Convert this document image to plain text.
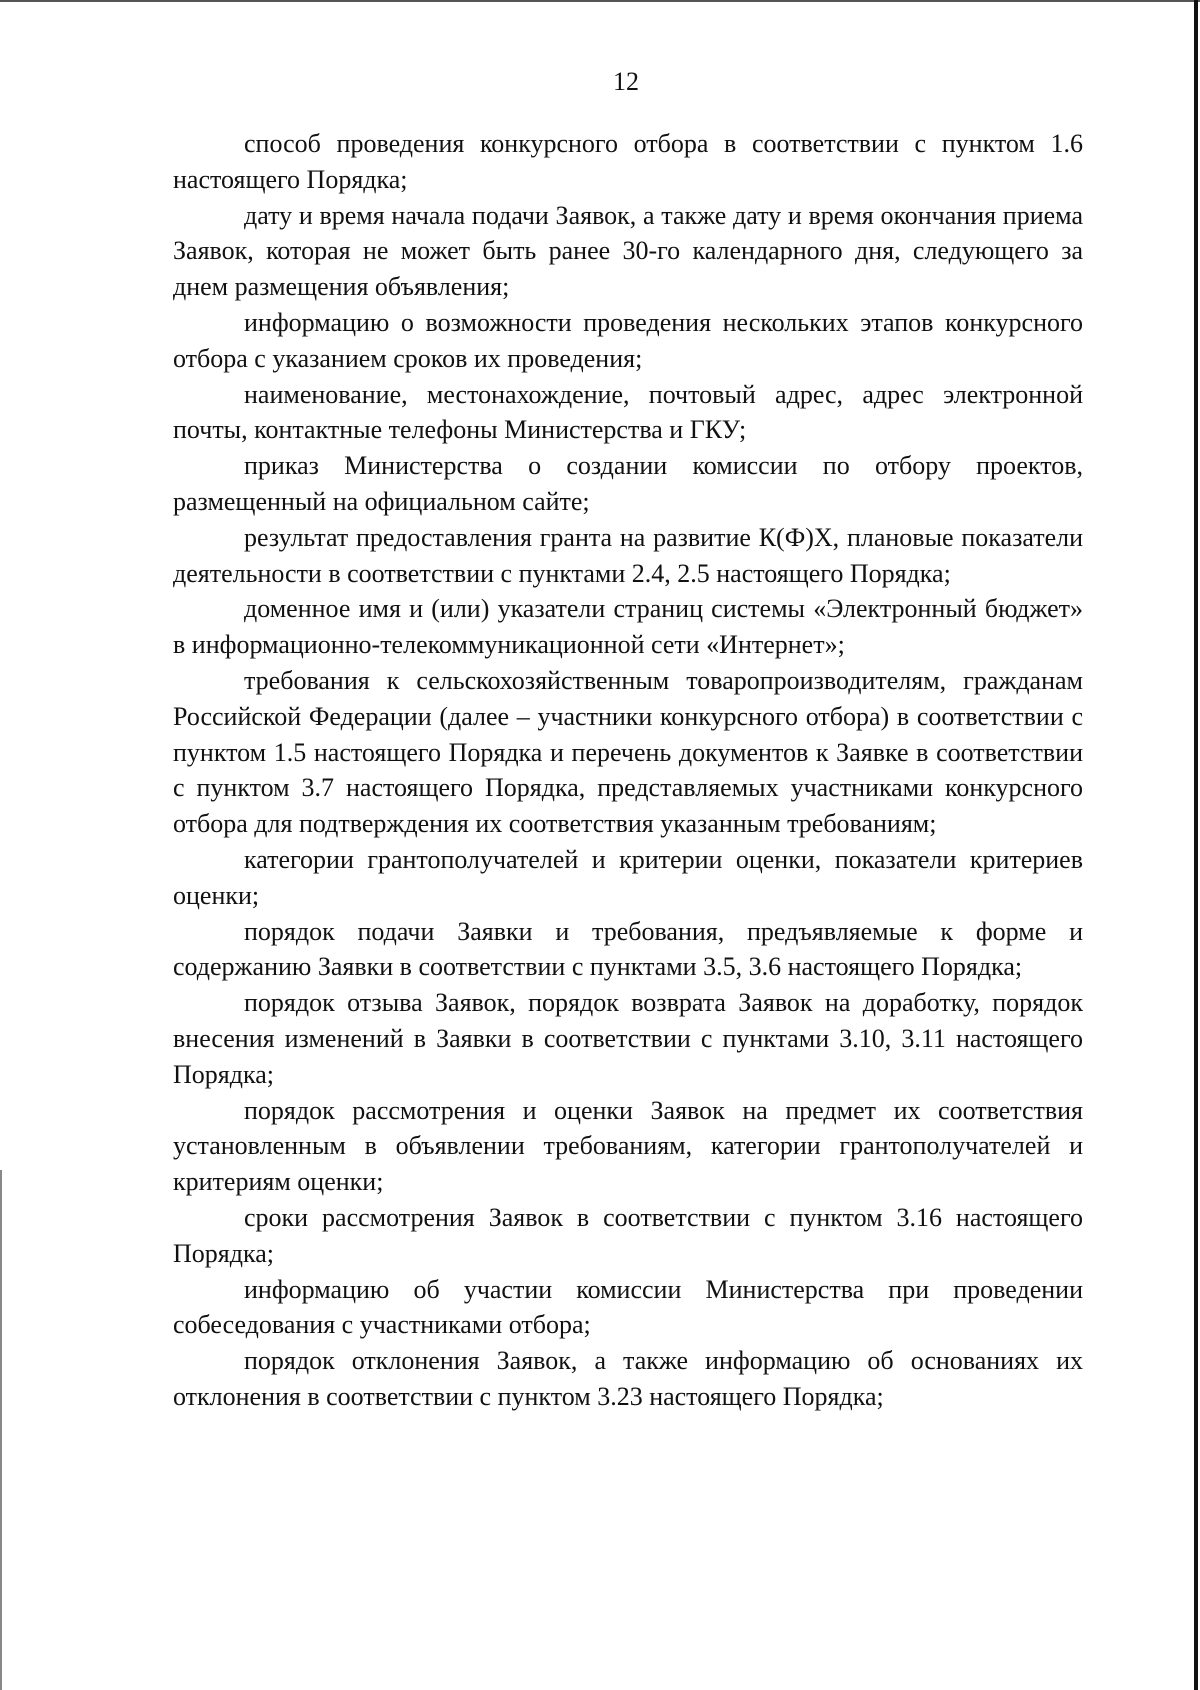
12

способ проведения конкурсного отбора в соответствии с пунктом 1.6 настоящего Порядка;

дату и время начала подачи Заявок, а также дату и время окончания приема Заявок, которая не может быть ранее 30-го календарного дня, следующего за днем размещения объявления;

информацию о возможности проведения нескольких этапов конкурсного отбора с указанием сроков их проведения;

наименование, местонахождение, почтовый адрес, адрес электронной почты, контактные телефоны Министерства и ГКУ;

приказ Министерства о создании комиссии по отбору проектов, размещенный на официальном сайте;

результат предоставления гранта на развитие К(Ф)Х, плановые показатели деятельности в соответствии с пунктами 2.4, 2.5 настоящего Порядка;

доменное имя и (или) указатели страниц системы «Электронный бюджет» в информационно-телекоммуникационной сети «Интернет»;

требования к сельскохозяйственным товаропроизводителям, гражданам Российской Федерации (далее – участники конкурсного отбора) в соответствии с пунктом 1.5 настоящего Порядка и перечень документов к Заявке в соответствии с пунктом 3.7 настоящего Порядка, представляемых участниками конкурсного отбора для подтверждения их соответствия указанным требованиям;

категории грантополучателей и критерии оценки, показатели критериев оценки;

порядок подачи Заявки и требования, предъявляемые к форме и содержанию Заявки в соответствии с пунктами 3.5, 3.6 настоящего Порядка;

порядок отзыва Заявок, порядок возврата Заявок на доработку, порядок внесения изменений в Заявки в соответствии с пунктами 3.10, 3.11 настоящего Порядка;

порядок рассмотрения и оценки Заявок на предмет их соответствия установленным в объявлении требованиям, категории грантополучателей и критериям оценки;

сроки рассмотрения Заявок в соответствии с пунктом 3.16 настоящего Порядка;

информацию об участии комиссии Министерства при проведении собеседования с участниками отбора;

порядок отклонения Заявок, а также информацию об основаниях их отклонения в соответствии с пунктом 3.23 настоящего Порядка;
